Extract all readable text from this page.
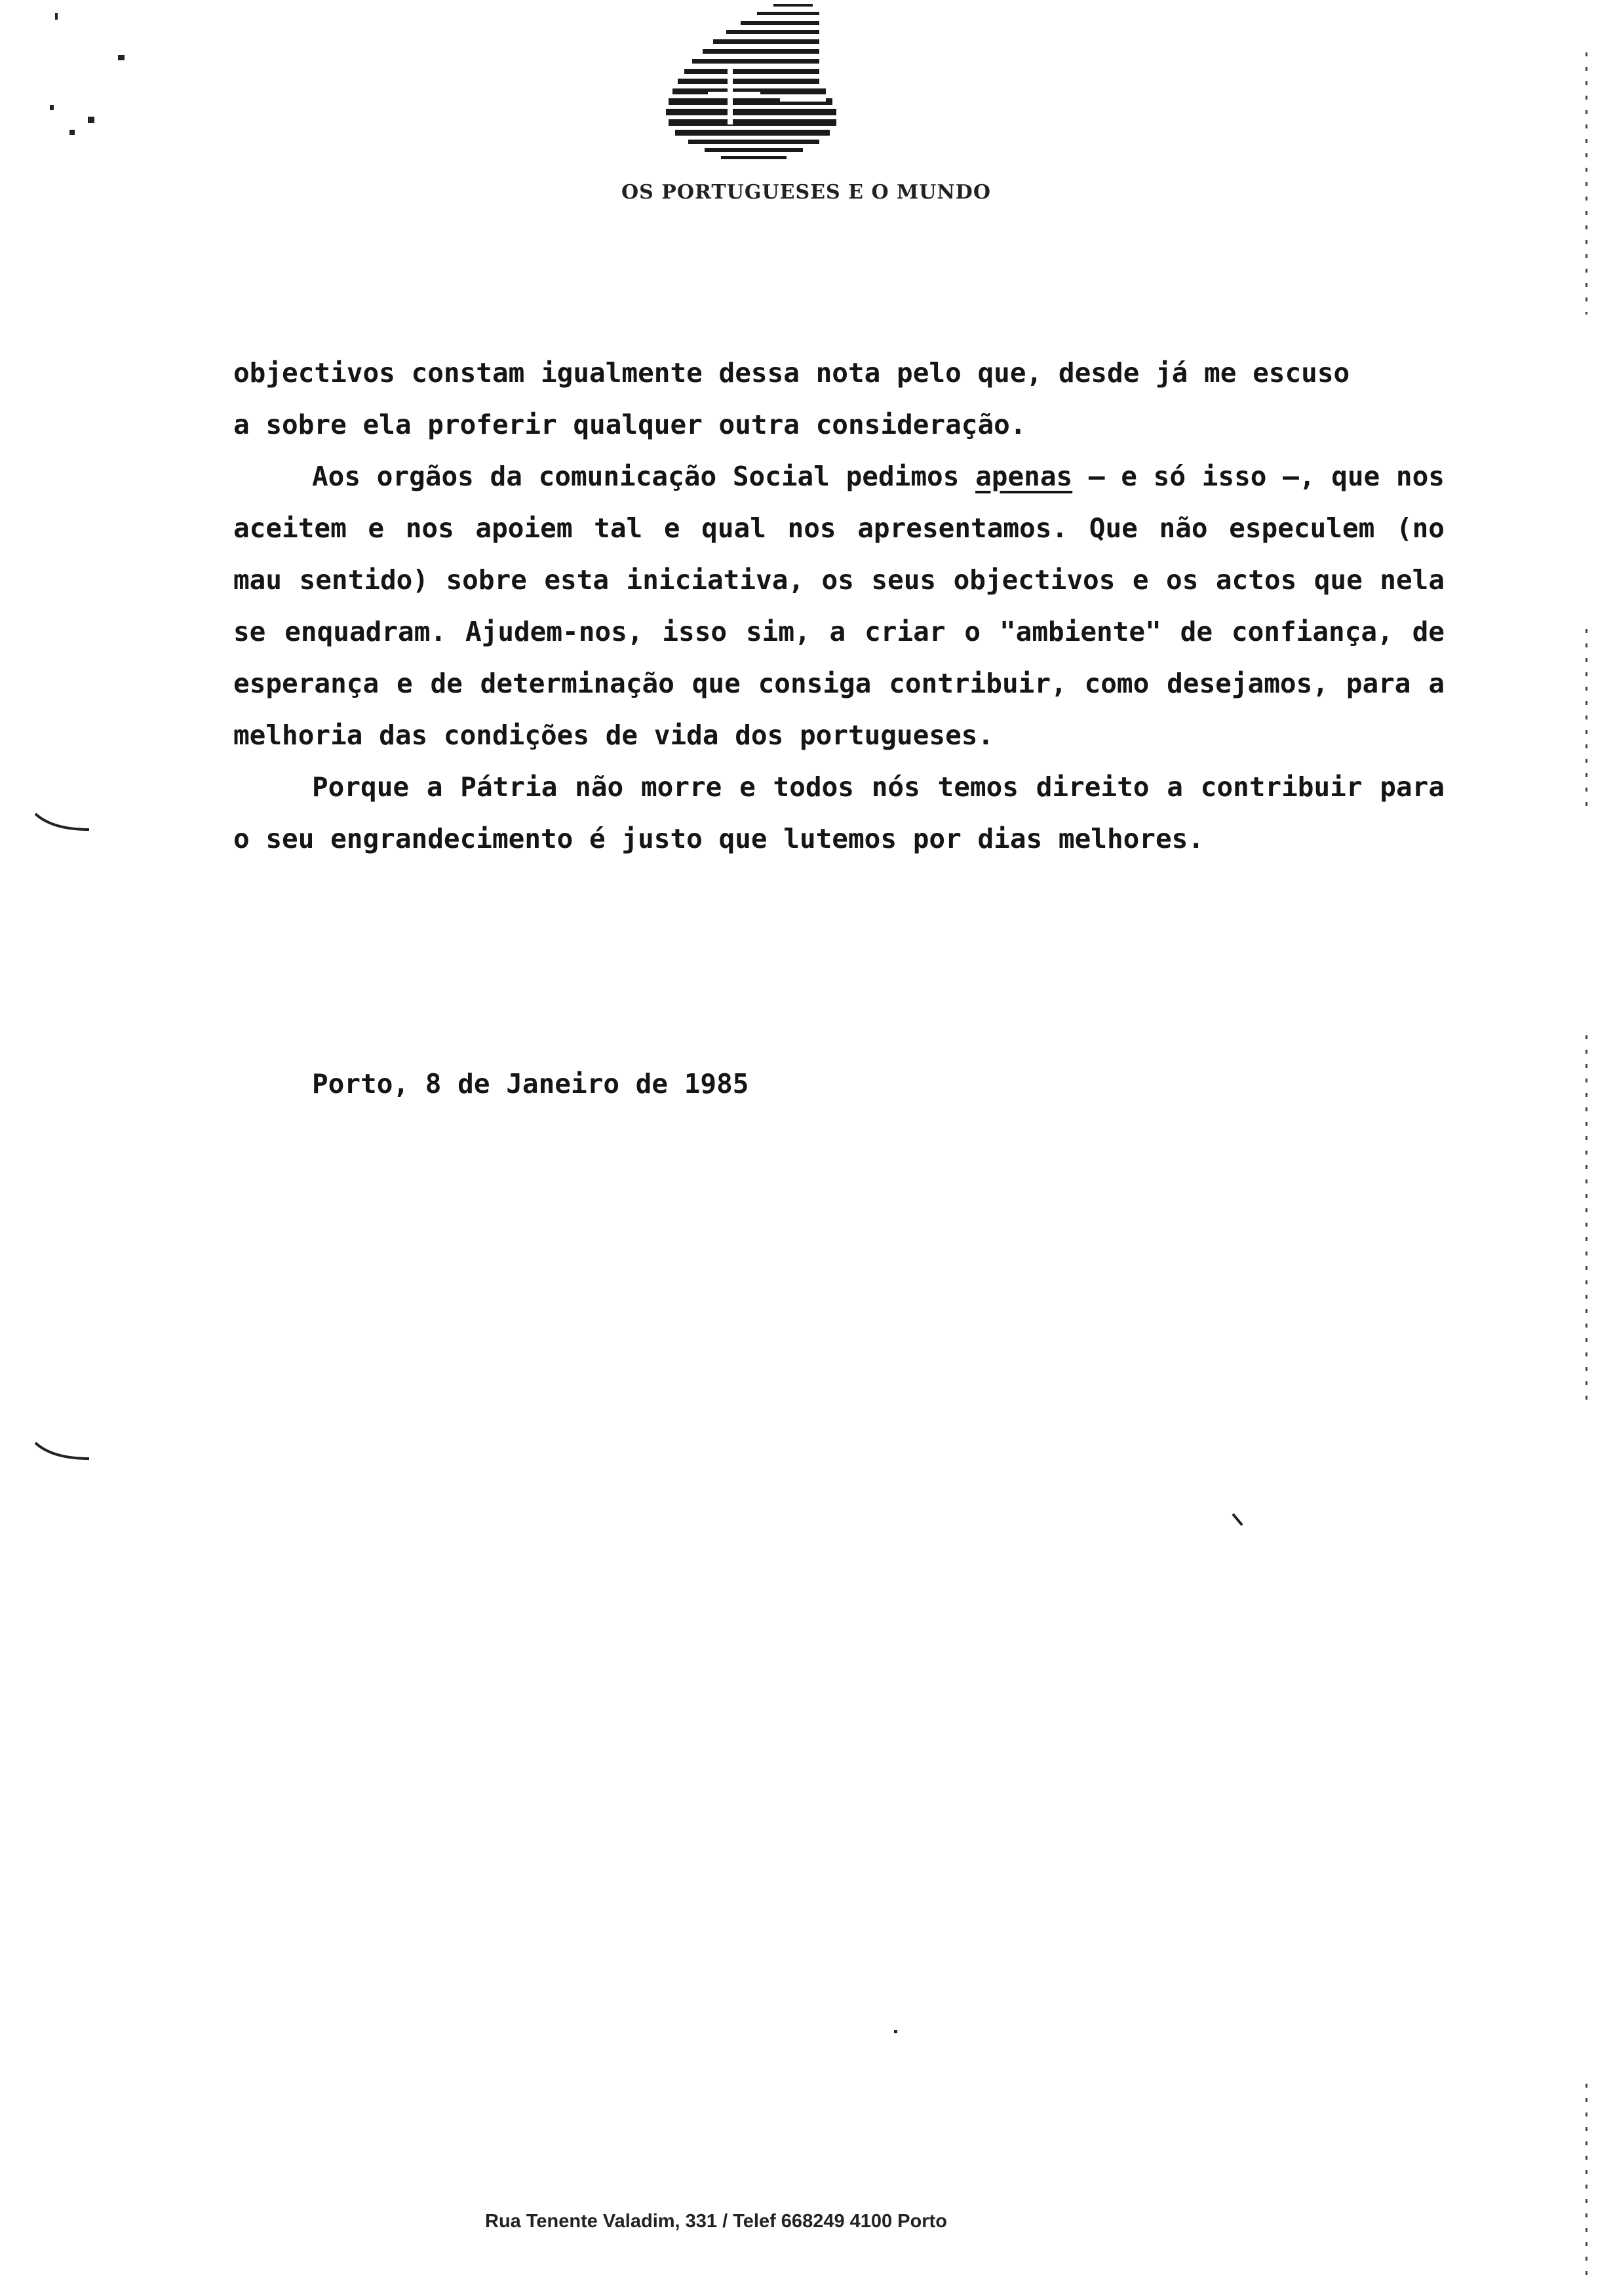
OS PORTUGUESES E O MUNDO

objectivos constam igualmente dessa nota pelo que, desde já me escuso
a sobre ela proferir qualquer outra consideração.

Aos orgãos da comunicação Social pedimos apenas – e só isso –, que nos aceitem e nos apoiem tal e qual nos apresentamos. Que não especulem (no mau sentido) sobre esta iniciativa, os seus objectivos e os actos que nela se enquadram. Ajudem-nos, isso sim, a criar o "ambiente" de confiança, de esperança e de determinação que consiga contribuir, como desejamos, para a melhoria das condições de vida dos portugueses.

Porque a Pátria não morre e todos nós temos direito a contribuir para o seu engrandecimento é justo que lutemos por dias melhores.

Porto, 8 de Janeiro de 1985

Rua Tenente Valadim, 331 / Telef 668249 4100 Porto
